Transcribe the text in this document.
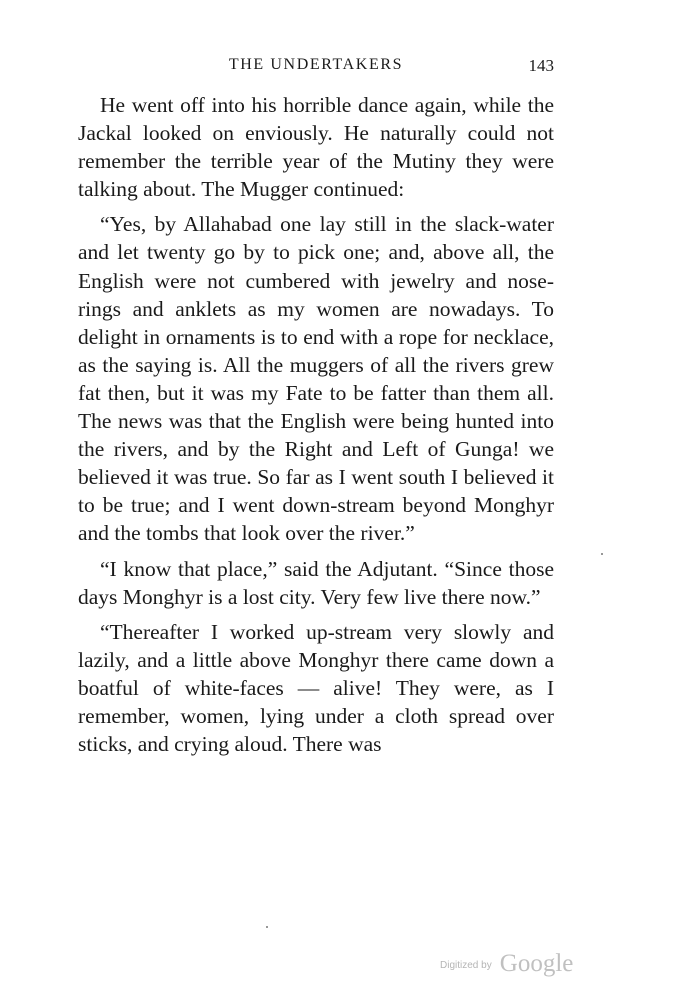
THE UNDERTAKERS	143

He went off into his horrible dance again, while the Jackal looked on enviously. He naturally could not remember the terrible year of the Mutiny they were talking about. The Mugger continued:

“Yes, by Allahabad one lay still in the slack-water and let twenty go by to pick one; and, above all, the English were not cumbered with jewelry and nose-rings and anklets as my women are nowadays. To delight in ornaments is to end with a rope for necklace, as the saying is. All the muggers of all the rivers grew fat then, but it was my Fate to be fatter than them all. The news was that the English were being hunted into the rivers, and by the Right and Left of Gunga! we believed it was true. So far as I went south I believed it to be true; and I went down-stream beyond Monghyr and the tombs that look over the river.”

“I know that place,” said the Adjutant. “Since those days Monghyr is a lost city. Very few live there now.”

“Thereafter I worked up-stream very slowly and lazily, and a little above Monghyr there came down a boatful of white-faces — alive! They were, as I remember, women, lying under a cloth spread over sticks, and crying aloud. There was

Digitized by Google
